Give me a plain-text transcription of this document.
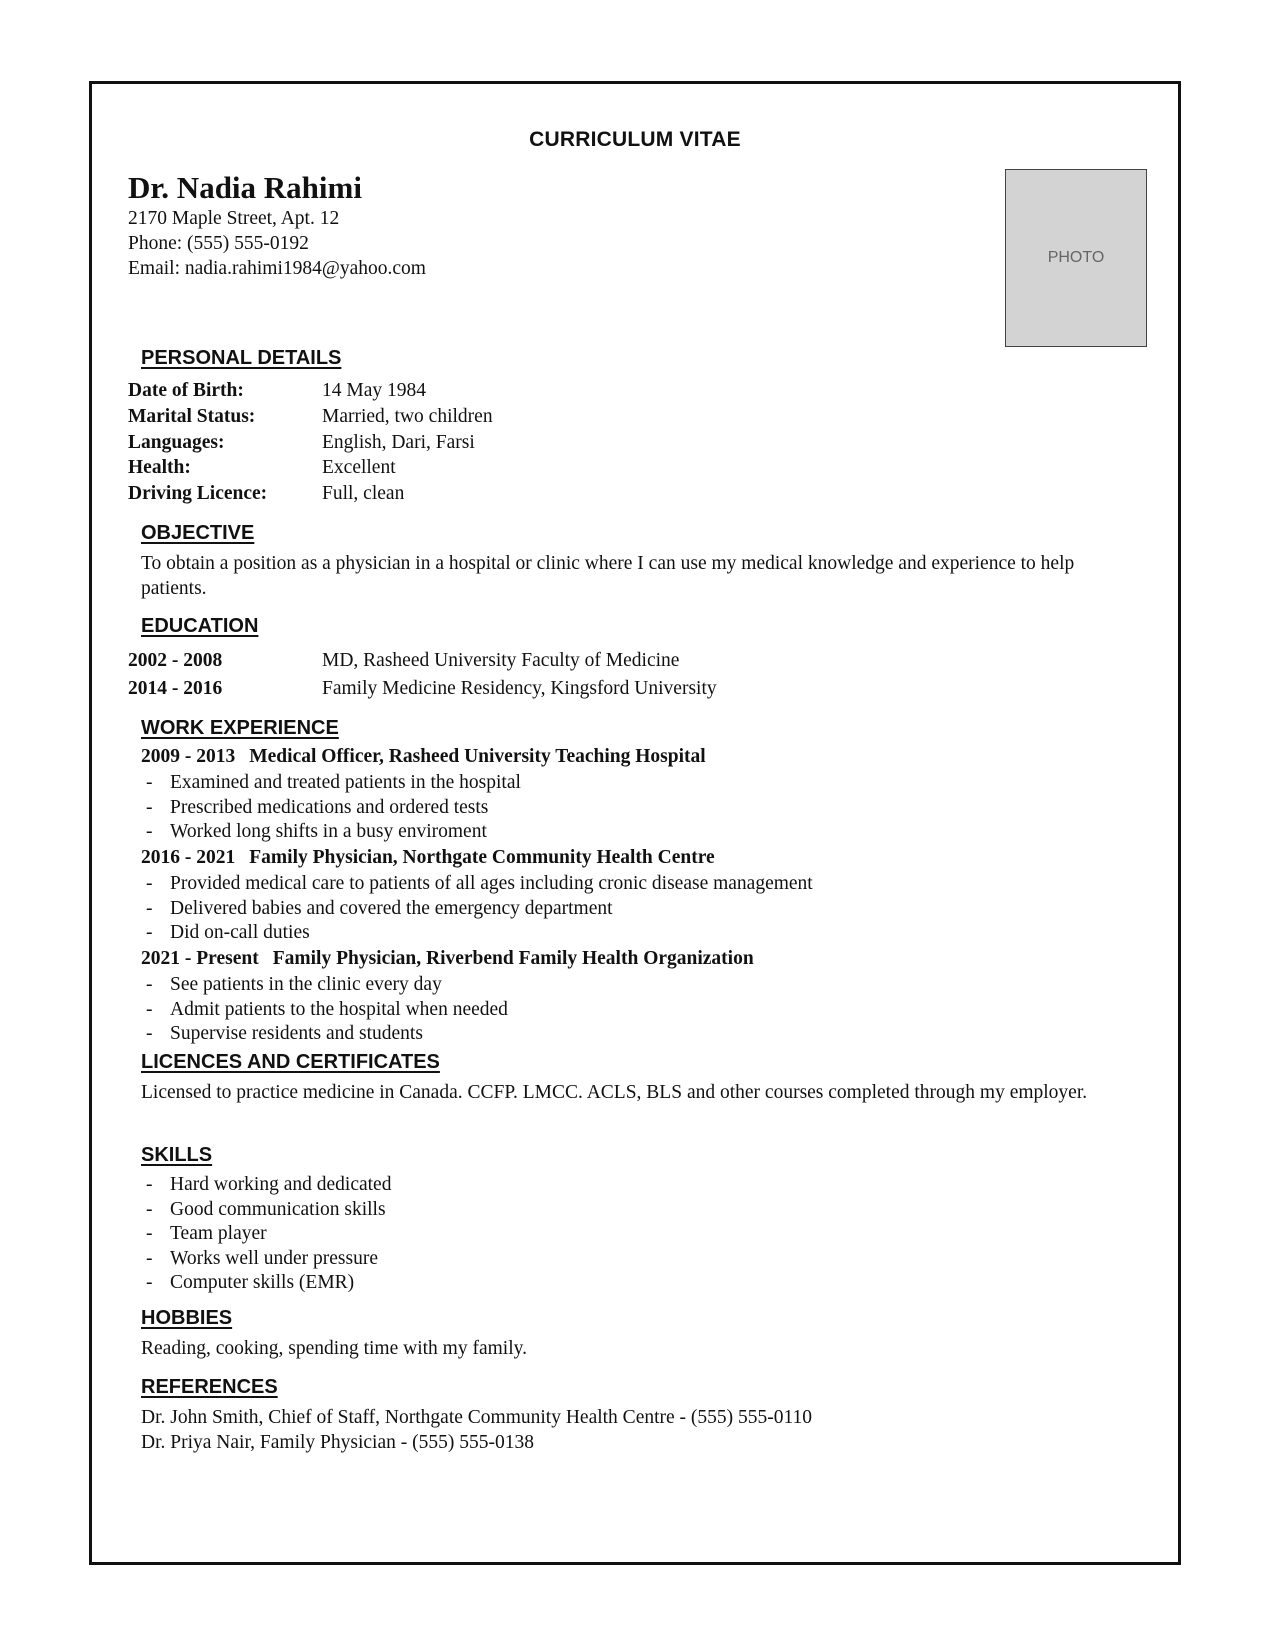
CURRICULUM VITAE
Dr. Nadia Rahimi
2170 Maple Street, Apt. 12
Phone: (555) 555-0192
Email: nadia.rahimi1984@yahoo.com
PHOTO
PERSONAL DETAILS
Date of Birth:	14 May 1984
Marital Status:	Married, two children
Languages:	English, Dari, Farsi
Health:	Excellent
Driving Licence:	Full, clean
OBJECTIVE
To obtain a position as a physician in a hospital or clinic where I can use my medical knowledge and experience to help patients.
EDUCATION
2002 - 2008	MD, Rasheed University Faculty of Medicine
2014 - 2016	Family Medicine Residency, Kingsford University
WORK EXPERIENCE
2009 - 2013 Medical Officer, Rasheed University Teaching Hospital
- Examined and treated patients in the hospital
- Prescribed medications and ordered tests
- Worked long shifts in a busy enviroment
2016 - 2021 Family Physician, Northgate Community Health Centre
- Provided medical care to patients of all ages including cronic disease management
- Delivered babies and covered the emergency department
- Did on-call duties
2021 - Present Family Physician, Riverbend Family Health Organization
- See patients in the clinic every day
- Admit patients to the hospital when needed
- Supervise residents and students
LICENCES AND CERTIFICATES
Licensed to practice medicine in Canada. CCFP. LMCC. ACLS, BLS and other courses completed through my employer.
SKILLS
- Hard working and dedicated
- Good communication skills
- Team player
- Works well under pressure
- Computer skills (EMR)
HOBBIES
Reading, cooking, spending time with my family.
REFERENCES
Dr. John Smith, Chief of Staff, Northgate Community Health Centre - (555) 555-0110
Dr. Priya Nair, Family Physician - (555) 555-0138
